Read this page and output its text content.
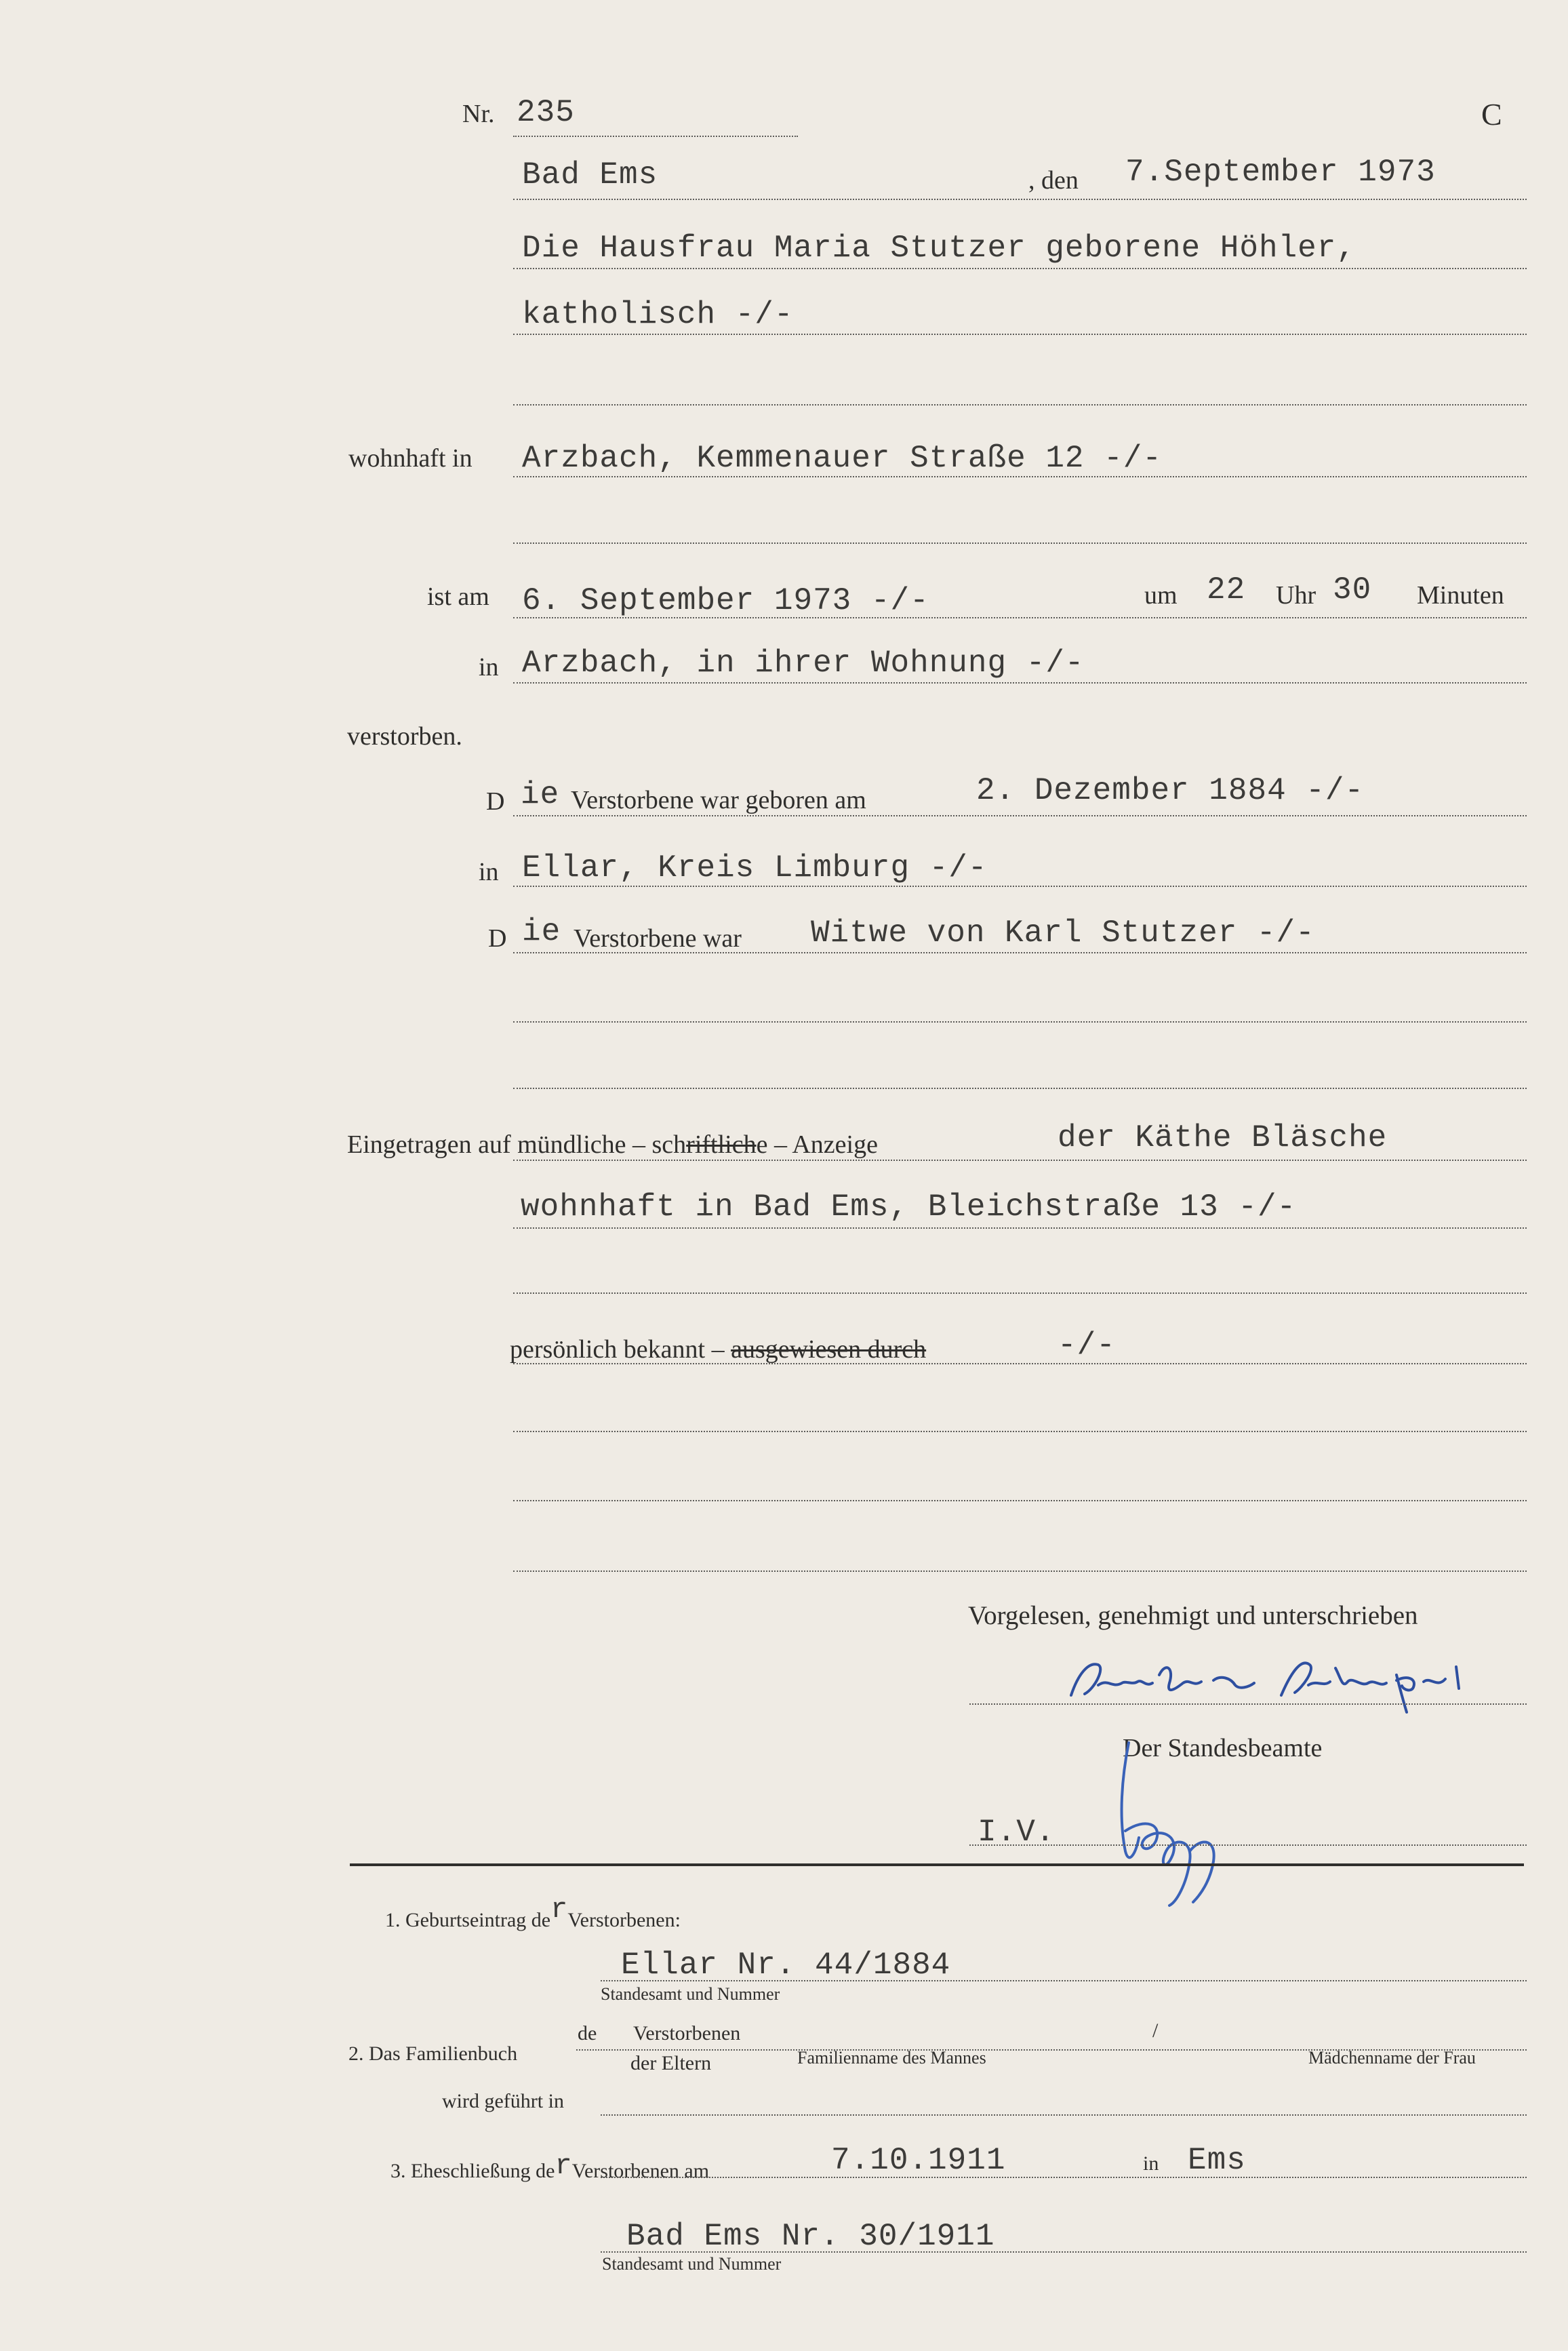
Nr. 235	C
Bad Ems	, den 7.September 1973
Die Hausfrau Maria Stutzer geborene Höhler,
katholisch -/-
wohnhaft in Arzbach, Kemmenauer Straße 12 -/-
ist am 6. September 1973 -/-	um 22 Uhr 30 Minuten
in Arzbach, in ihrer Wohnung -/-
verstorben.
D ie Verstorbene war geboren am	2. Dezember 1884 -/-
in Ellar, Kreis Limburg -/-
D ie Verstorbene war Witwe von Karl Stutzer -/-
Eingetragen auf mündliche – schriftliche – Anzeige	der Käthe Bläsche
wohnhaft in Bad Ems, Bleichstraße 13 -/-
persönlich bekannt – ausgewiesen durch	-/-
Vorgelesen, genehmigt und unterschrieben
Der Standesbeamte
I.V.
1. Geburtseintrag derVerstorbenen:
Ellar Nr. 44/1884
Standesamt und Nummer
2. Das Familienbuch
de Verstorbenen	/
der Eltern	Familienname des Mannes	Mädchenname der Frau
wird geführt in
3. Eheschließung derVerstorbenen am	7.10.1911	in Ems
Bad Ems Nr. 30/1911
Standesamt und Nummer
